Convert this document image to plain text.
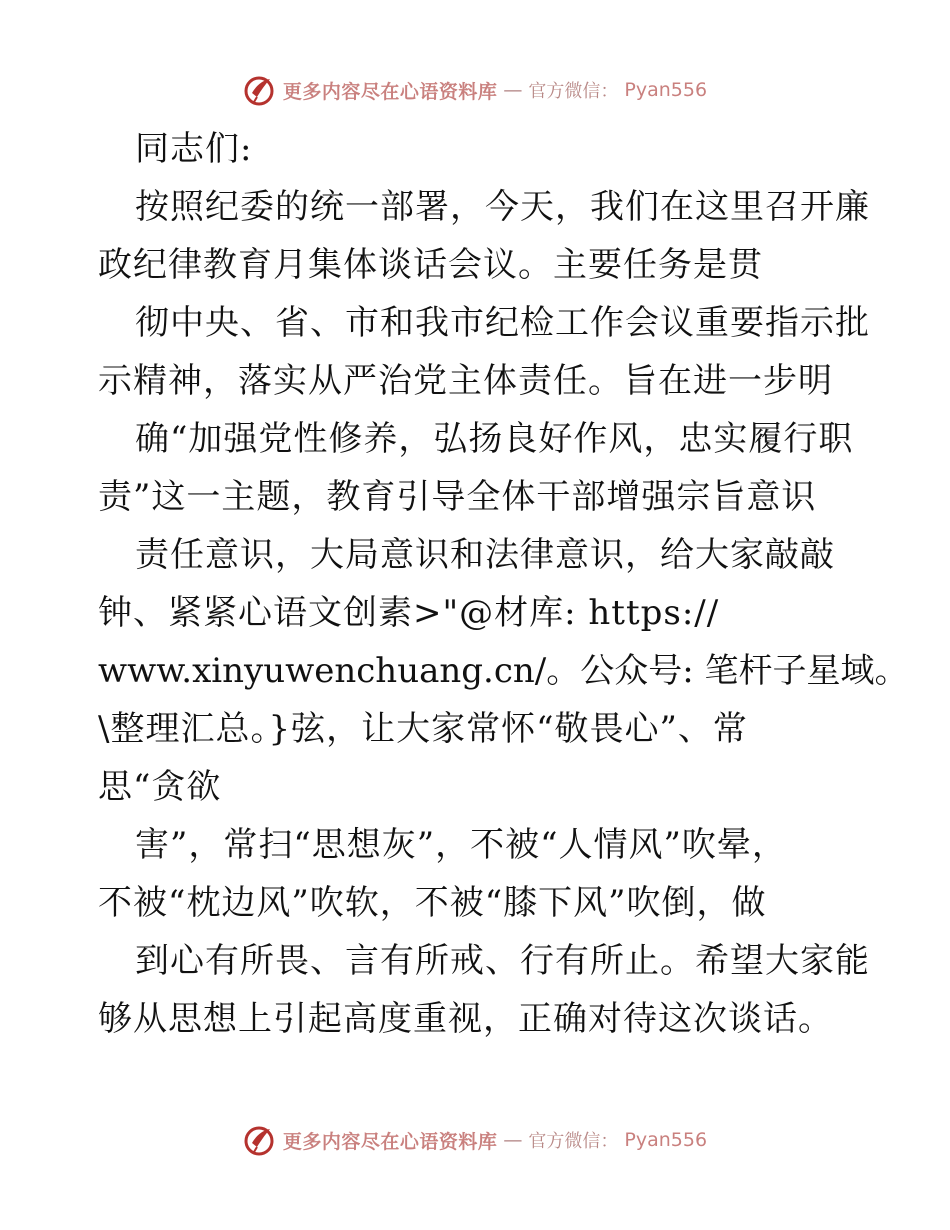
更多内容尽在心语资料库 — 官方微信： Pyan556
同志们:
按照纪委的统一部署，今天，我们在这里召开廉
政纪律教育月集体谈话会议。主要任务是贯
彻中央、省、市和我市纪检工作会议重要指示批
示精神，落实从严治党主体责任。旨在进一步明
确“加强党性修养，弘扬良好作风，忠实履行职
责”这一主题，教育引导全体干部增强宗旨意识
责任意识，大局意识和法律意识，给大家敲敲
钟、紧紧心语文创素>"@材库: https://
www.xinyuwenchuang.cn/。公众号: 笔杆子星域。
\整理汇总。}弦，让大家常怀“敬畏心”、常
思“贪欲
害”，常扫“思想灰”，不被“人情风”吹晕，
不被“枕边风”吹软，不被“膝下风”吹倒，做
到心有所畏、言有所戒、行有所止。希望大家能
够从思想上引起高度重视，正确对待这次谈话。
更多内容尽在心语资料库 — 官方微信： Pyan556
